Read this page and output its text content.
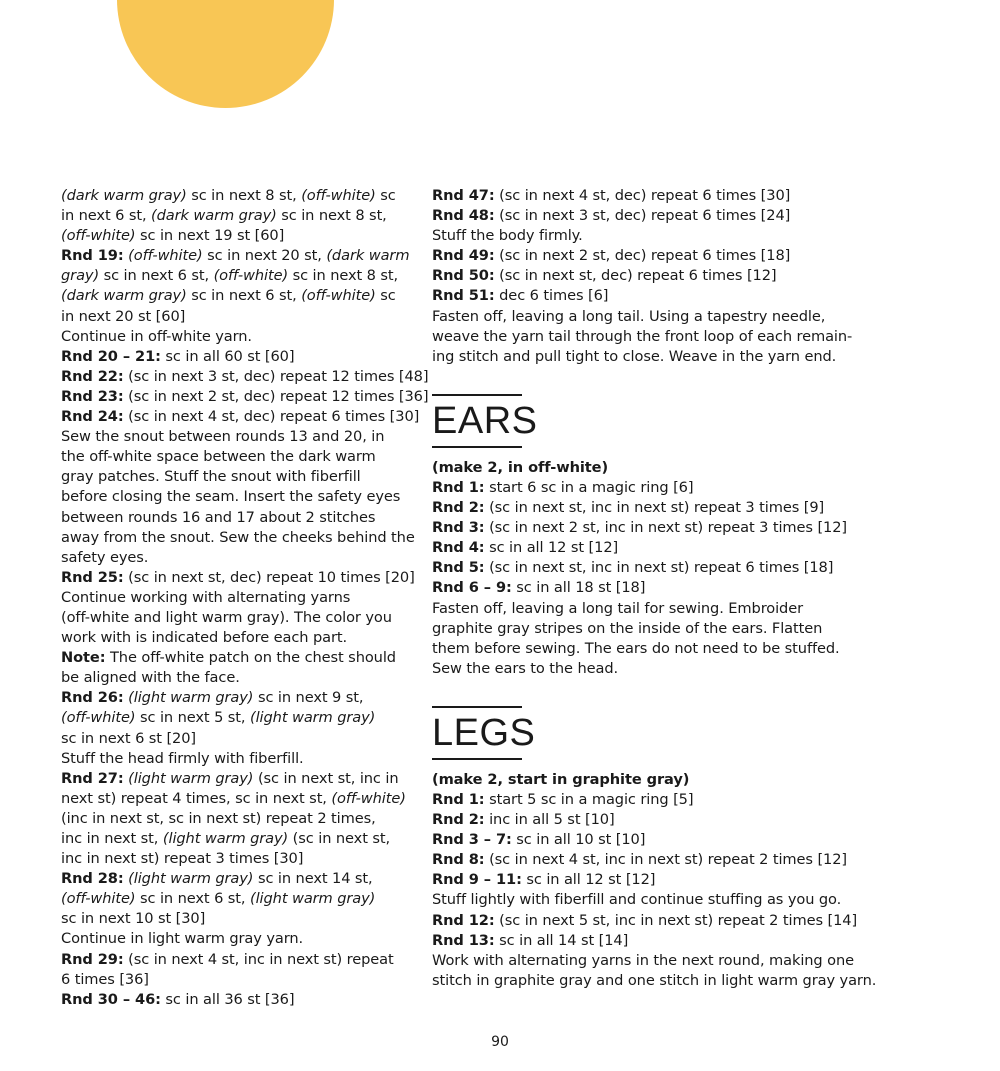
(dark warm gray) sc in next 8 st, (off-white) sc
in next 6 st, (dark warm gray) sc in next 8 st,
(off-white) sc in next 19 st [60]
Rnd 19: (off-white) sc in next 20 st, (dark warm
gray) sc in next 6 st, (off-white) sc in next 8 st,
(dark warm gray) sc in next 6 st, (off-white) sc
in next 20 st [60]
Continue in off-white yarn.
Rnd 20 – 21: sc in all 60 st [60]
Rnd 22: (sc in next 3 st, dec) repeat 12 times [48]
Rnd 23: (sc in next 2 st, dec) repeat 12 times [36]
Rnd 24: (sc in next 4 st, dec) repeat 6 times [30]
Sew the snout between rounds 13 and 20, in
the off-white space between the dark warm
gray patches. Stuff the snout with fiberfill
before closing the seam. Insert the safety eyes
between rounds 16 and 17 about 2 stitches
away from the snout. Sew the cheeks behind the
safety eyes.
Rnd 25: (sc in next st, dec) repeat 10 times [20]
Continue working with alternating yarns
(off-white and light warm gray). The color you
work with is indicated before each part.
Note: The off-white patch on the chest should
be aligned with the face.
Rnd 26: (light warm gray) sc in next 9 st,
(off-white) sc in next 5 st, (light warm gray)
sc in next 6 st [20]
Stuff the head firmly with fiberfill.
Rnd 27: (light warm gray) (sc in next st, inc in
next st) repeat 4 times, sc in next st, (off-white)
(inc in next st, sc in next st) repeat 2 times,
inc in next st, (light warm gray) (sc in next st,
inc in next st) repeat 3 times [30]
Rnd 28: (light warm gray) sc in next 14 st,
(off-white) sc in next 6 st, (light warm gray)
sc in next 10 st [30]
Continue in light warm gray yarn.
Rnd 29: (sc in next 4 st, inc in next st) repeat
6 times [36]
Rnd 30 – 46: sc in all 36 st [36]
Rnd 47: (sc in next 4 st, dec) repeat 6 times [30]
Rnd 48: (sc in next 3 st, dec) repeat 6 times [24]
Stuff the body firmly.
Rnd 49: (sc in next 2 st, dec) repeat 6 times [18]
Rnd 50: (sc in next st, dec) repeat 6 times [12]
Rnd 51: dec 6 times [6]
Fasten off, leaving a long tail. Using a tapestry needle,
weave the yarn tail through the front loop of each remain-
ing stitch and pull tight to close. Weave in the yarn end.
EARS
(make 2, in off-white)
Rnd 1: start 6 sc in a magic ring [6]
Rnd 2: (sc in next st, inc in next st) repeat 3 times [9]
Rnd 3: (sc in next 2 st, inc in next st) repeat 3 times [12]
Rnd 4: sc in all 12 st [12]
Rnd 5: (sc in next st, inc in next st) repeat 6 times [18]
Rnd 6 – 9: sc in all 18 st [18]
Fasten off, leaving a long tail for sewing. Embroider
graphite gray stripes on the inside of the ears. Flatten
them before sewing. The ears do not need to be stuffed.
Sew the ears to the head.
LEGS
(make 2, start in graphite gray)
Rnd 1: start 5 sc in a magic ring [5]
Rnd 2: inc in all 5 st [10]
Rnd 3 – 7: sc in all 10 st [10]
Rnd 8: (sc in next 4 st, inc in next st) repeat 2 times [12]
Rnd 9 – 11: sc in all 12 st [12]
Stuff lightly with fiberfill and continue stuffing as you go.
Rnd 12: (sc in next 5 st, inc in next st) repeat 2 times [14]
Rnd 13: sc in all 14 st [14]
Work with alternating yarns in the next round, making one
stitch in graphite gray and one stitch in light warm gray yarn.
90
